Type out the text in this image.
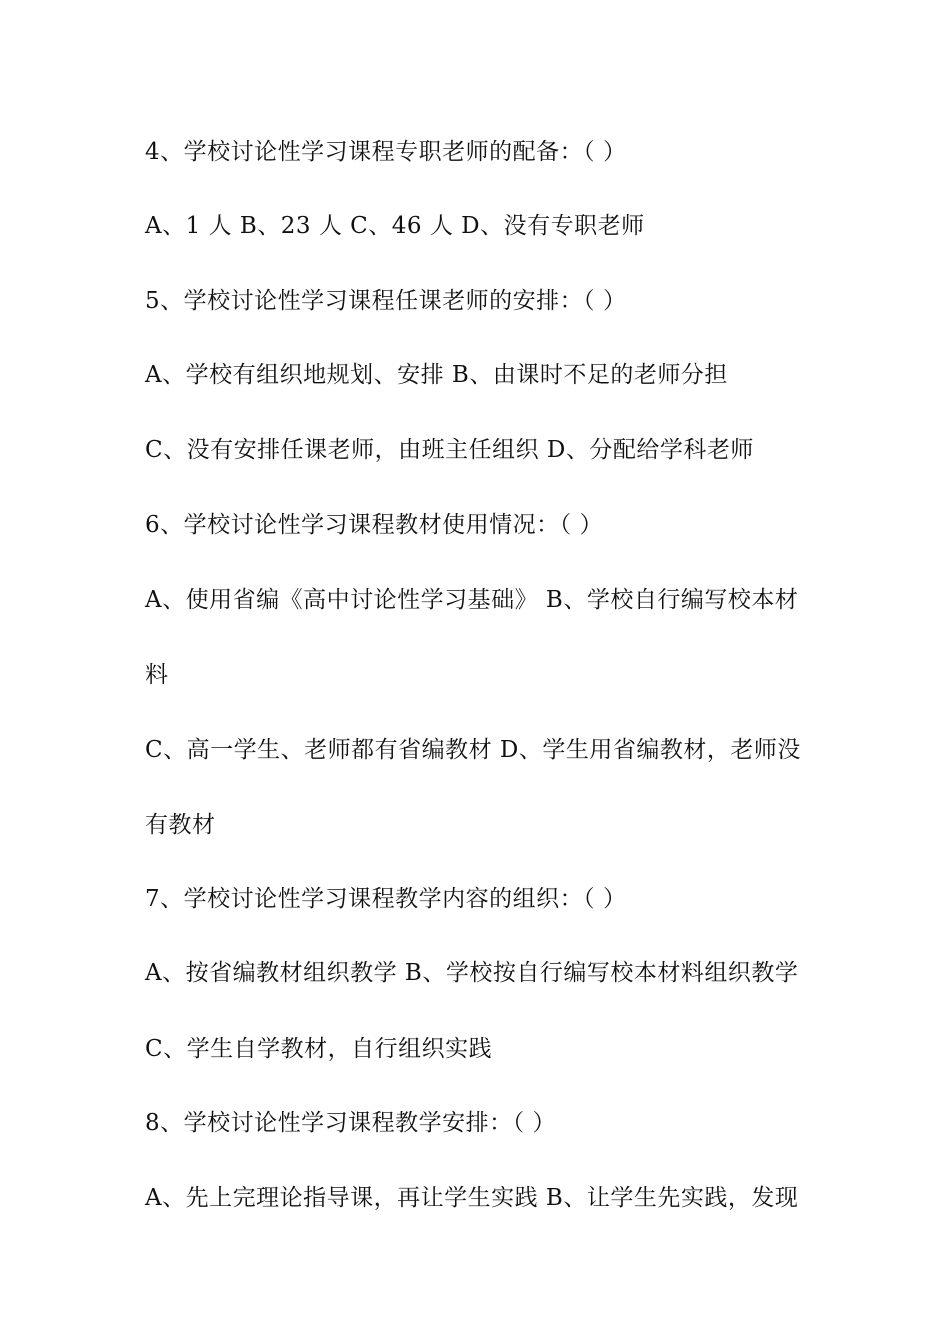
4、学校讨论性学习课程专职老师的配备：（ ）
A、1 人 B、23 人 C、46 人 D、没有专职老师
5、学校讨论性学习课程任课老师的安排：（ ）
A、学校有组织地规划、安排 B、由课时不足的老师分担
C、没有安排任课老师，由班主任组织 D、分配给学科老师
6、学校讨论性学习课程教材使用情况：（ ）
A、使用省编《高中讨论性学习基础》 B、学校自行编写校本材
料
C、高一学生、老师都有省编教材 D、学生用省编教材，老师没
有教材
7、学校讨论性学习课程教学内容的组织：（ ）
A、按省编教材组织教学 B、学校按自行编写校本材料组织教学
C、学生自学教材，自行组织实践
8、学校讨论性学习课程教学安排：（ ）
A、先上完理论指导课，再让学生实践 B、让学生先实践，发现
